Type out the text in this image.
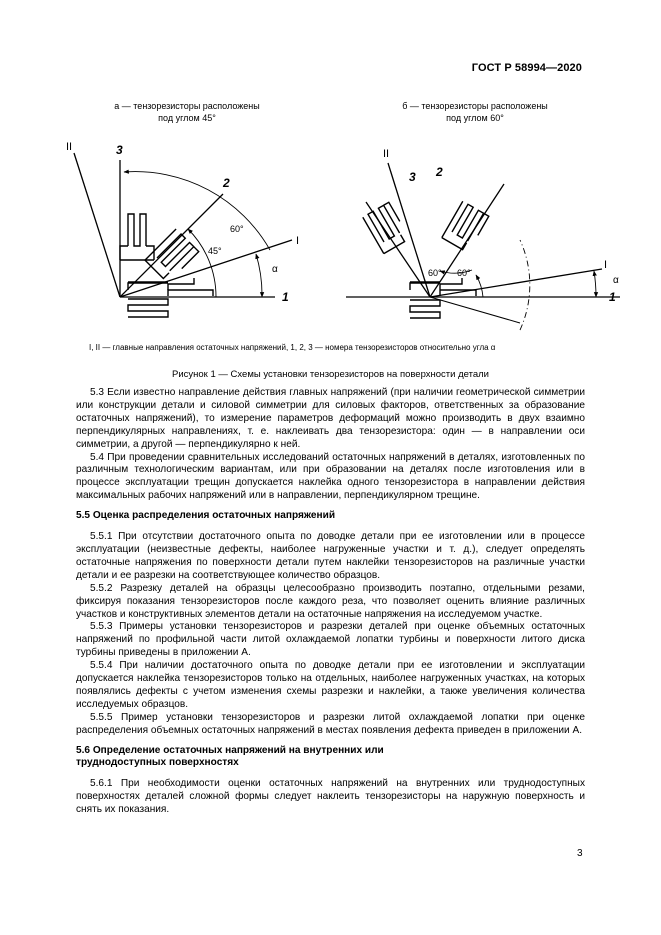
ГОСТ Р 58994—2020
а — тензорезисторы расположены
под углом 45°
б — тензорезисторы расположены
под углом 60°
II	3
2
I
1
60°
45°
α
II
3 2
I
1
60° 60°
α
I, II — главные направления остаточных напряжений, 1, 2, 3 — номера тензорезисторов относительно угла α
Рисунок 1 — Схемы установки тензорезисторов на поверхности детали

5.3 Если известно направление действия главных напряжений (при наличии геометрической симметрии или конструкции детали и силовой симметрии для силовых факторов, ответственных за образование остаточных напряжений), то измерение параметров деформаций можно производить в двух взаимно перпендикулярных направлениях, т. е. наклеивать два тензорезистора: один — в направлении оси симметрии, а другой — перпендикулярно к ней.

5.4 При проведении сравнительных исследований остаточных напряжений в деталях, изготовленных по различным технологическим вариантам, или при образовании на деталях после изготовления или в процессе эксплуатации трещин допускается наклейка одного тензорезистора в направлении действия максимальных рабочих напряжений или в направлении, перпендикулярном трещине.

5.5 Оценка распределения остаточных напряжений

5.5.1 При отсутствии достаточного опыта по доводке детали при ее изготовлении или в процессе эксплуатации (неизвестные дефекты, наиболее нагруженные участки и т. д.), следует определять остаточные напряжения по поверхности детали путем наклейки тензорезисторов на различные участки детали и ее разрезки на соответствующее количество образцов.

5.5.2 Разрезку деталей на образцы целесообразно производить поэтапно, отдельными резами, фиксируя показания тензорезисторов после каждого реза, что позволяет оценить влияние различных участков и конструктивных элементов детали на остаточные напряжения на исследуемом участке.

5.5.3 Примеры установки тензорезисторов и разрезки деталей при оценке объемных остаточных напряжений по профильной части литой охлаждаемой лопатки турбины и поверхности литого диска турбины приведены в приложении А.

5.5.4 При наличии достаточного опыта по доводке детали при ее изготовлении и эксплуатации допускается наклейка тензорезисторов только на отдельных, наиболее нагруженных участках, на которых появлялись дефекты с учетом изменения схемы разрезки и наклейки, а также увеличения количества исследуемых образцов.

5.5.5 Пример установки тензорезисторов и разрезки литой охлаждаемой лопатки при оценке распределения объемных остаточных напряжений в местах появления дефекта приведен в приложении А.

5.6 Определение остаточных напряжений на внутренних или труднодоступных поверхностях

5.6.1 При необходимости оценки остаточных напряжений на внутренних или труднодоступных поверхностях деталей сложной формы следует наклеить тензорезисторы на наружную поверхность и снять их показания.

3
